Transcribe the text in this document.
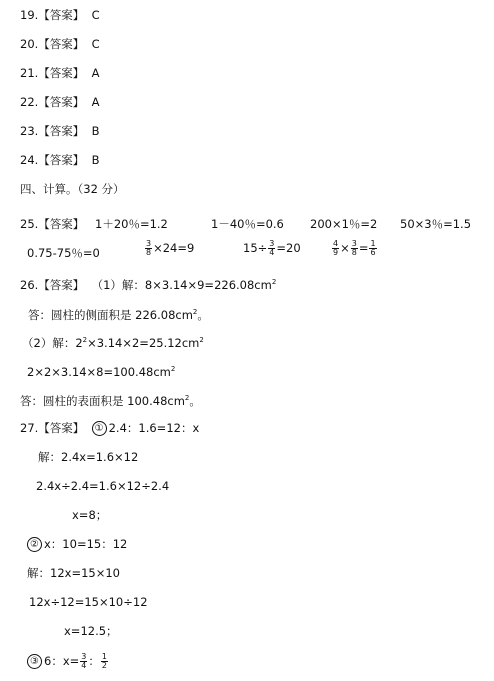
19.【答案】 C
20.【答案】 C
21.【答案】 A
22.【答案】 A
23.【答案】 B
24.【答案】 B
四、计算。（32 分）
25.【答案】 1＋20％=1.2	1－40％=0.6 200×1％=2 50×3％=1.5
0.75-75％=0	$\frac{3}{8} \times 24=9$	$15\div \frac{3}{4} =20$	$\frac{4}{9} \times \frac{3}{8} = \frac{1}{6}$
26.【答案】 （1）解：$8\times 3.14\times 9=226.08cm^2$
答：圆柱的侧面积是 $226.08cm^2$。
（2）解：$2^2\times 3.14\times 2=25.12cm^2$
$2\times 2\times 3.14\times 8=100.48cm^2$
答：圆柱的表面积是 $100.48cm^2$。
27.【答案】 ① 2.4：1.6=12：x
解：2.4x=1.6×12
2.4x÷2.4=1.6×12÷2.4
x=8；
② x：10=15：12
解：12x=15×10
12x÷12=15×10÷12
x=12.5；
③ 6：$x= \frac{3}{4}$ ： $\frac{1}{2}$
